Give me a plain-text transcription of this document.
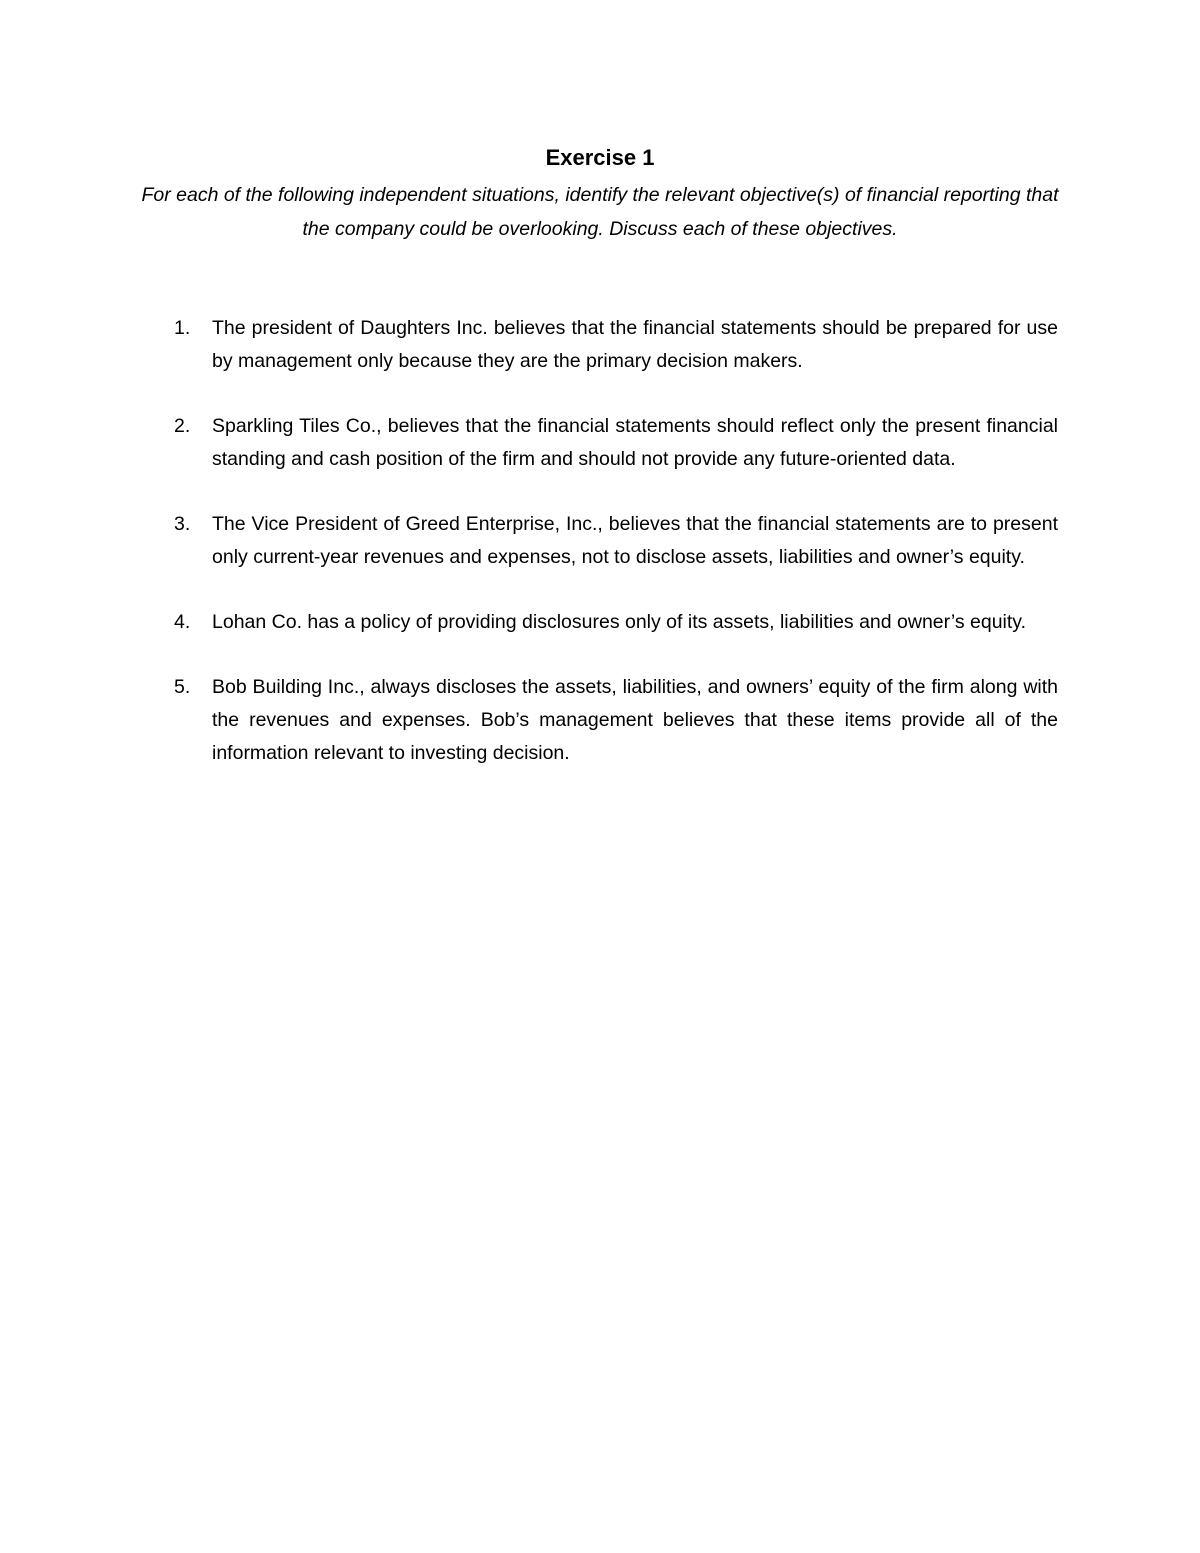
Exercise 1

For each of the following independent situations, identify the relevant objective(s) of financial reporting that the company could be overlooking. Discuss each of these objectives.

1.	The president of Daughters Inc. believes that the financial statements should be prepared for use by management only because they are the primary decision makers.
2.	Sparkling Tiles Co., believes that the financial statements should reflect only the present financial standing and cash position of the firm and should not provide any future-oriented data.
3.	The Vice President of Greed Enterprise, Inc., believes that the financial statements are to present only current-year revenues and expenses, not to disclose assets, liabilities and owner’s equity.
4.	Lohan Co. has a policy of providing disclosures only of its assets, liabilities and owner’s equity.
5.	Bob Building Inc., always discloses the assets, liabilities, and owners’ equity of the firm along with the revenues and expenses. Bob’s management believes that these items provide all of the information relevant to investing decision.
